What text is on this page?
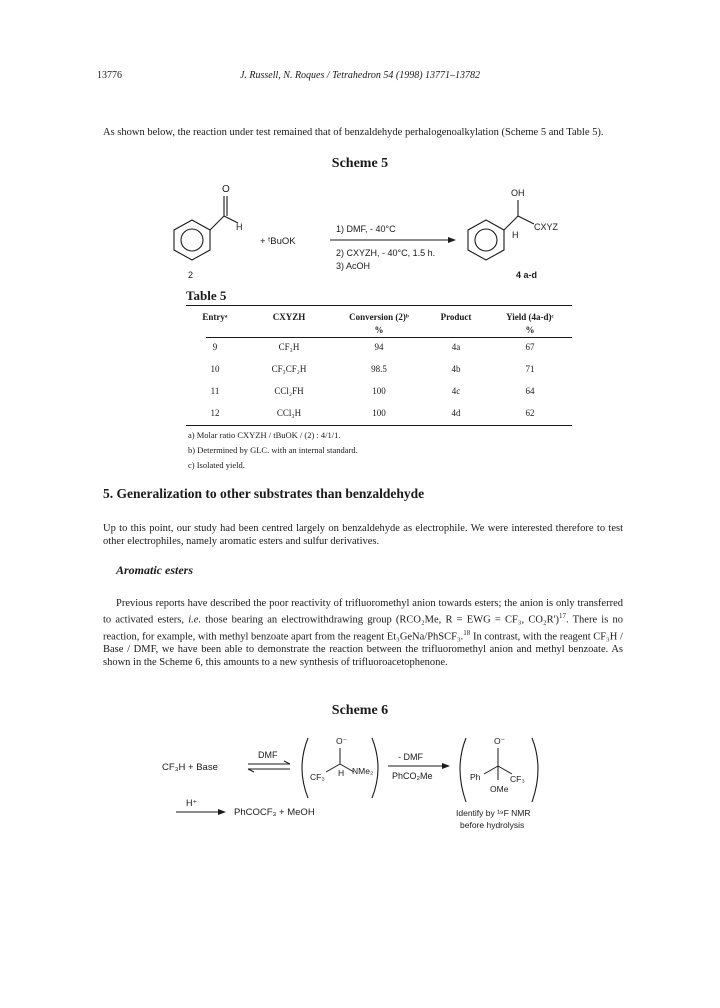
13776	J. Russell, N. Roques / Tetrahedron 54 (1998) 13771–13782

As shown below, the reaction under test remained that of benzaldehyde perhalogenoalkylation (Scheme 5 and Table 5).

Scheme 5
O
H
2
+ ᵗBuOK
1) DMF, - 40°C
2) CXYZH, - 40°C, 1.5 h.
3) AcOH
OH
H
CXYZ
4 a-d
Table 5
Entryᵃ	CXYZH	Conversion (2)ᵇ	Product	Yield (4a-d)ᶜ
		%		%
9	CF₃H	94	4a	67
10	CF₃CF₂H	98.5	4b	71
11	CCl₂FH	100	4c	64
12	CCl₃H	100	4d	62
a) Molar ratio CXYZH / tBuOK / (2) : 4/1/1.
b) Determined by GLC. with an internal standard.
c) Isolated yield.
5. Generalization to other substrates than benzaldehyde

Up to this point, our study had been centred largely on benzaldehyde as electrophile. We were interested therefore to test other electrophiles, namely aromatic esters and sulfur derivatives.

Aromatic esters

Previous reports have described the poor reactivity of trifluoromethyl anion towards esters; the anion is only transferred to activated esters, i.e. those bearing an electrowithdrawing group (RCO₂Me, R = EWG = CF₃, CO₂R')$^{17}$. There is no reaction, for example, with methyl benzoate apart from the reagent Et₃GeNa/PhSCF₃.$^{18}$ In contrast, with the reagent CF₃H / Base / DMF, we have been able to demonstrate the reaction between the trifluoromethyl anion and methyl benzoate. As shown in the Scheme 6, this amounts to a new synthesis of trifluoroacetophenone.

Scheme 6
CF₃H + Base
DMF
O⁻
CF₃ H NMe₂
- DMF
PhCO₂Me
O⁻
Ph	CF₃
OMe
H⁺
PhCOCF₃ + MeOH	Identify by ¹⁹F NMR
before hydrolysis
